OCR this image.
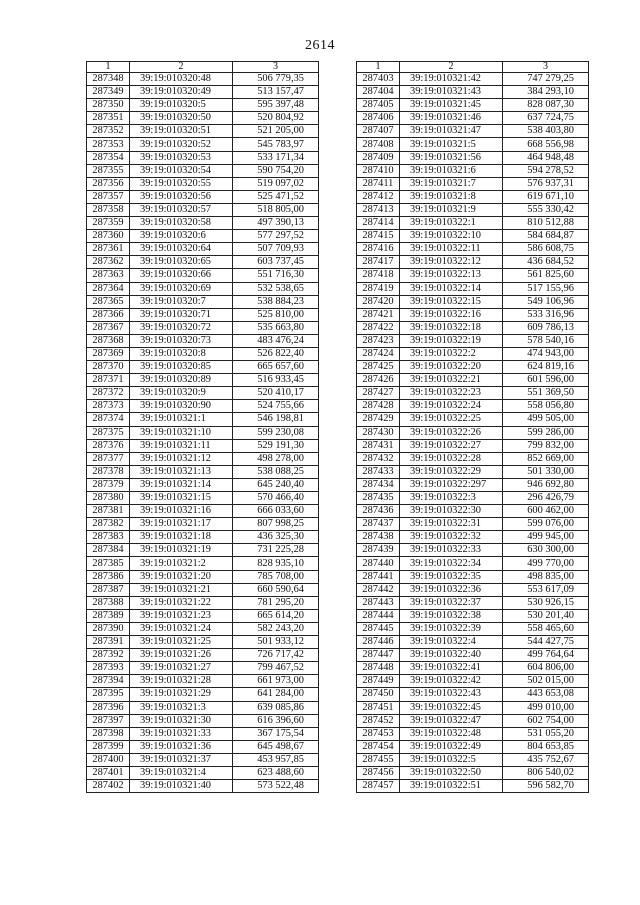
2614
1	2	3
287348	39:19:010320:48	506 779,35
287349	39:19:010320:49	513 157,47
287350	39:19:010320:5	595 397,48
287351	39:19:010320:50	520 804,92
287352	39:19:010320:51	521 205,00
287353	39:19:010320:52	545 783,97
287354	39:19:010320:53	533 171,34
287355	39:19:010320:54	590 754,20
287356	39:19:010320:55	519 097,02
287357	39:19:010320:56	525 471,52
287358	39:19:010320:57	518 805,00
287359	39:19:010320:58	497 390,13
287360	39:19:010320:6	577 297,52
287361	39:19:010320:64	507 709,93
287362	39:19:010320:65	603 737,45
287363	39:19:010320:66	551 716,30
287364	39:19:010320:69	532 538,65
287365	39:19:010320:7	538 884,23
287366	39:19:010320:71	525 810,00
287367	39:19:010320:72	535 663,80
287368	39:19:010320:73	483 476,24
287369	39:19:010320:8	526 822,40
287370	39:19:010320:85	665 657,60
287371	39:19:010320:89	516 933,45
287372	39:19:010320:9	520 410,17
287373	39:19:010320:90	524 755,66
287374	39:19:010321:1	546 198,81
287375	39:19:010321:10	599 230,08
287376	39:19:010321:11	529 191,30
287377	39:19:010321:12	498 278,00
287378	39:19:010321:13	538 088,25
287379	39:19:010321:14	645 240,40
287380	39:19:010321:15	570 466,40
287381	39:19:010321:16	666 033,60
287382	39:19:010321:17	807 998,25
287383	39:19:010321:18	436 325,30
287384	39:19:010321:19	731 225,28
287385	39:19:010321:2	828 935,10
287386	39:19:010321:20	785 708,00
287387	39:19:010321:21	660 590,64
287388	39:19:010321:22	781 295,20
287389	39:19:010321:23	665 614,20
287390	39:19:010321:24	582 243,20
287391	39:19:010321:25	501 933,12
287392	39:19:010321:26	726 717,42
287393	39:19:010321:27	799 467,52
287394	39:19:010321:28	661 973,00
287395	39:19:010321:29	641 284,00
287396	39:19:010321:3	639 085,86
287397	39:19:010321:30	616 396,60
287398	39:19:010321:33	367 175,54
287399	39:19:010321:36	645 498,67
287400	39:19:010321:37	453 957,85
287401	39:19:010321:4	623 488,60
287402	39:19:010321:40	573 522,48
1	2	3
287403	39:19:010321:42	747 279,25
287404	39:19:010321:43	384 293,10
287405	39:19:010321:45	828 087,30
287406	39:19:010321:46	637 724,75
287407	39:19:010321:47	538 403,80
287408	39:19:010321:5	668 556,98
287409	39:19:010321:56	464 948,48
287410	39:19:010321:6	594 278,52
287411	39:19:010321:7	576 937,31
287412	39:19:010321:8	619 671,10
287413	39:19:010321:9	555 330,42
287414	39:19:010322:1	810 512,88
287415	39:19:010322:10	584 684,87
287416	39:19:010322:11	586 608,75
287417	39:19:010322:12	436 684,52
287418	39:19:010322:13	561 825,60
287419	39:19:010322:14	517 155,96
287420	39:19:010322:15	549 106,96
287421	39:19:010322:16	533 316,96
287422	39:19:010322:18	609 786,13
287423	39:19:010322:19	578 540,16
287424	39:19:010322:2	474 943,00
287425	39:19:010322:20	624 819,16
287426	39:19:010322:21	601 596,00
287427	39:19:010322:23	551 369,50
287428	39:19:010322:24	558 056,80
287429	39:19:010322:25	499 505,00
287430	39:19:010322:26	599 286,00
287431	39:19:010322:27	799 832,00
287432	39:19:010322:28	852 669,00
287433	39:19:010322:29	501 330,00
287434	39:19:010322:297	946 692,80
287435	39:19:010322:3	296 426,79
287436	39:19:010322:30	600 462,00
287437	39:19:010322:31	599 076,00
287438	39:19:010322:32	499 945,00
287439	39:19:010322:33	630 300,00
287440	39:19:010322:34	499 770,00
287441	39:19:010322:35	498 835,00
287442	39:19:010322:36	553 617,09
287443	39:19:010322:37	530 926,15
287444	39:19:010322:38	530 201,40
287445	39:19:010322:39	558 465,60
287446	39:19:010322:4	544 427,75
287447	39:19:010322:40	499 764,64
287448	39:19:010322:41	604 806,00
287449	39:19:010322:42	502 015,00
287450	39:19:010322:43	443 653,08
287451	39:19:010322:45	499 010,00
287452	39:19:010322:47	602 754,00
287453	39:19:010322:48	531 055,20
287454	39:19:010322:49	804 653,85
287455	39:19:010322:5	435 752,67
287456	39:19:010322:50	806 540,02
287457	39:19:010322:51	596 582,70
